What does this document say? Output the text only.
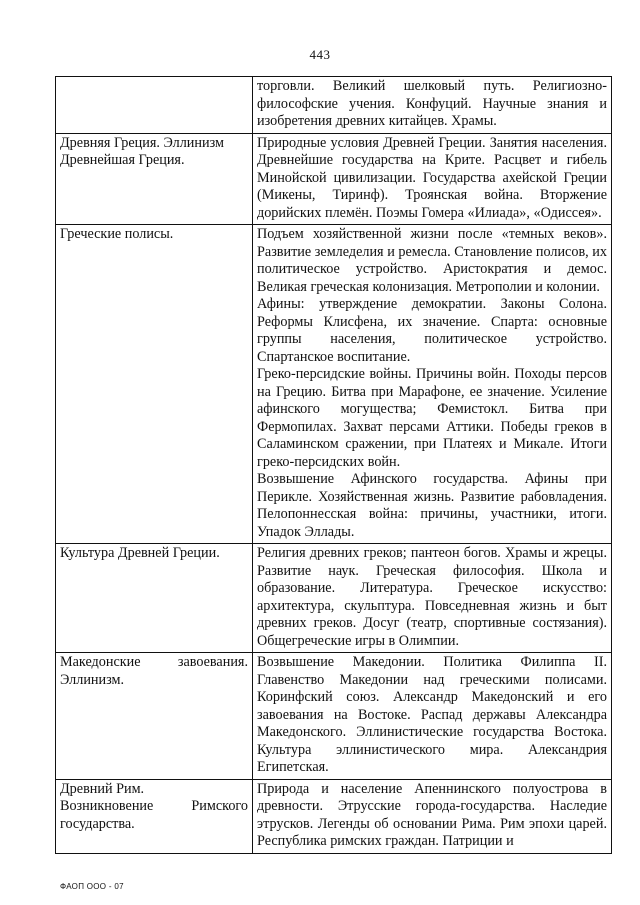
443

	торговли. Великий шелковый путь. Религиозно-философские учения. Конфуций. Научные знания и изобретения древних китайцев. Храмы.

Древняя Греция. Эллинизм
Древнейшая Греция.	Природные условия Древней Греции. Занятия населения. Древнейшие государства на Крите. Расцвет и гибель Минойской цивилизации. Государства ахейской Греции (Микены, Тиринф). Троянская война. Вторжение дорийских племён. Поэмы Гомера «Илиада», «Одиссея».

Греческие полисы.	Подъем хозяйственной жизни после «темных веков». Развитие земледелия и ремесла. Становление полисов, их политическое устройство. Аристократия и демос. Великая греческая колонизация. Метрополии и колонии.

Афины: утверждение демократии. Законы Солона. Реформы Клисфена, их значение. Спарта: основные группы населения, политическое устройство. Спартанское воспитание.

Греко-персидские войны. Причины войн. Походы персов на Грецию. Битва при Марафоне, ее значение. Усиление афинского могущества; Фемистокл. Битва при Фермопилах. Захват персами Аттики. Победы греков в Саламинском сражении, при Платеях и Микале. Итоги греко-персидских войн.

Возвышение Афинского государства. Афины при Перикле. Хозяйственная жизнь. Развитие рабовладения. Пелопоннесская война: причины, участники, итоги. Упадок Эллады.

Культура Древней Греции.	Религия древних греков; пантеон богов. Храмы и жрецы. Развитие наук. Греческая философия. Школа и образование. Литература. Греческое искусство: архитектура, скульптура. Повседневная жизнь и быт древних греков. Досуг (театр, спортивные состязания). Общегреческие игры в Олимпии.

Македонские завоевания. Эллинизм.	Возвышение Македонии. Политика Филиппа II. Главенство Македонии над греческими полисами. Коринфский союз. Александр Македонский и его завоевания на Востоке. Распад державы Александра Македонского. Эллинистические государства Востока. Культура эллинистического мира. Александрия Египетская.

Древний Рим.
Возникновение Римского государства.	Природа и население Апеннинского полуострова в древности. Этрусские города-государства. Наследие этрусков. Легенды об основании Рима. Рим эпохи царей. Республика римских граждан. Патриции и

ФАОП ООО - 07
